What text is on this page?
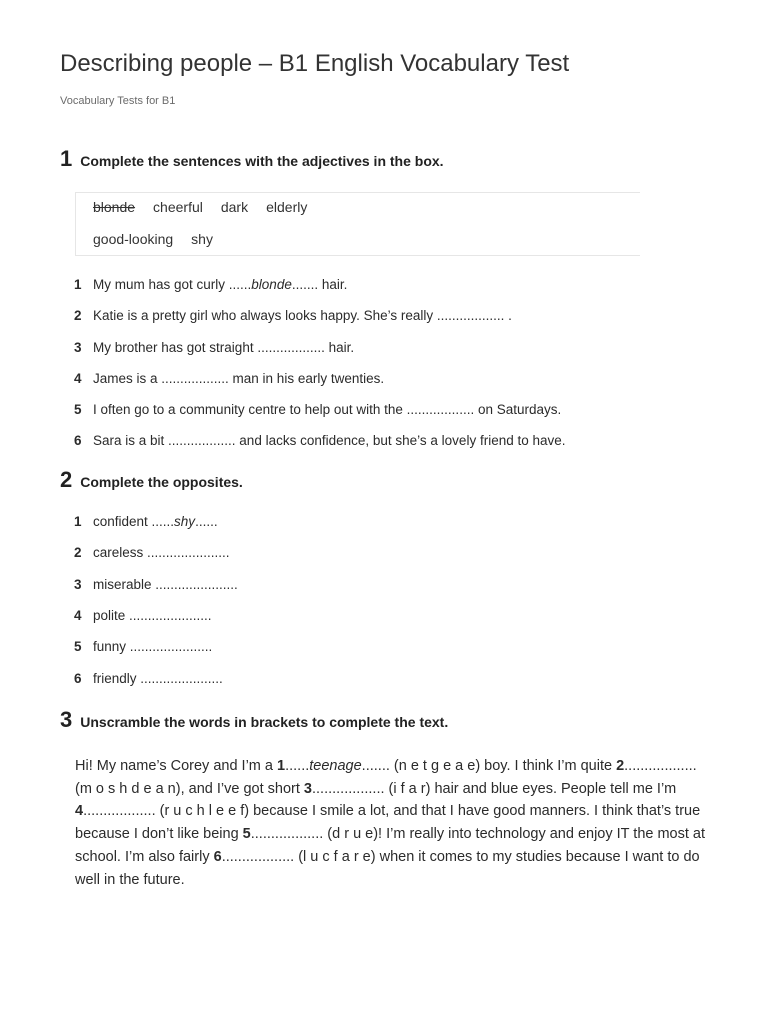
Describing people – B1 English Vocabulary Test
Vocabulary Tests for B1
1 Complete the sentences with the adjectives in the box.
blonde cheerful dark elderly
good-looking shy
1 My mum has got curly ......blonde....... hair.
2 Katie is a pretty girl who always looks happy. She’s really .................. .
3 My brother has got straight .................. hair.
4 James is a .................. man in his early twenties.
5 I often go to a community centre to help out with the .................. on Saturdays.
6 Sara is a bit .................. and lacks confidence, but she’s a lovely friend to have.
2 Complete the opposites.
1 confident ......shy......
2 careless ......................
3 miserable ......................
4 polite ......................
5 funny ......................
6 friendly ......................
3 Unscramble the words in brackets to complete the text.

Hi! My name’s Corey and I’m a 1......teenage....... (n e t g e a e) boy. I think I’m quite 2.................. (m o s h d e a n), and I’ve got short 3.................. (i f a r) hair and blue eyes. People tell me I’m 4.................. (r u c h l e e f) because I smile a lot, and that I have good manners. I think that’s true because I don’t like being 5.................. (d r u e)! I’m really into technology and enjoy IT the most at school. I’m also fairly 6.................. (l u c f a r e) when it comes to my studies because I want to do well in the future.
